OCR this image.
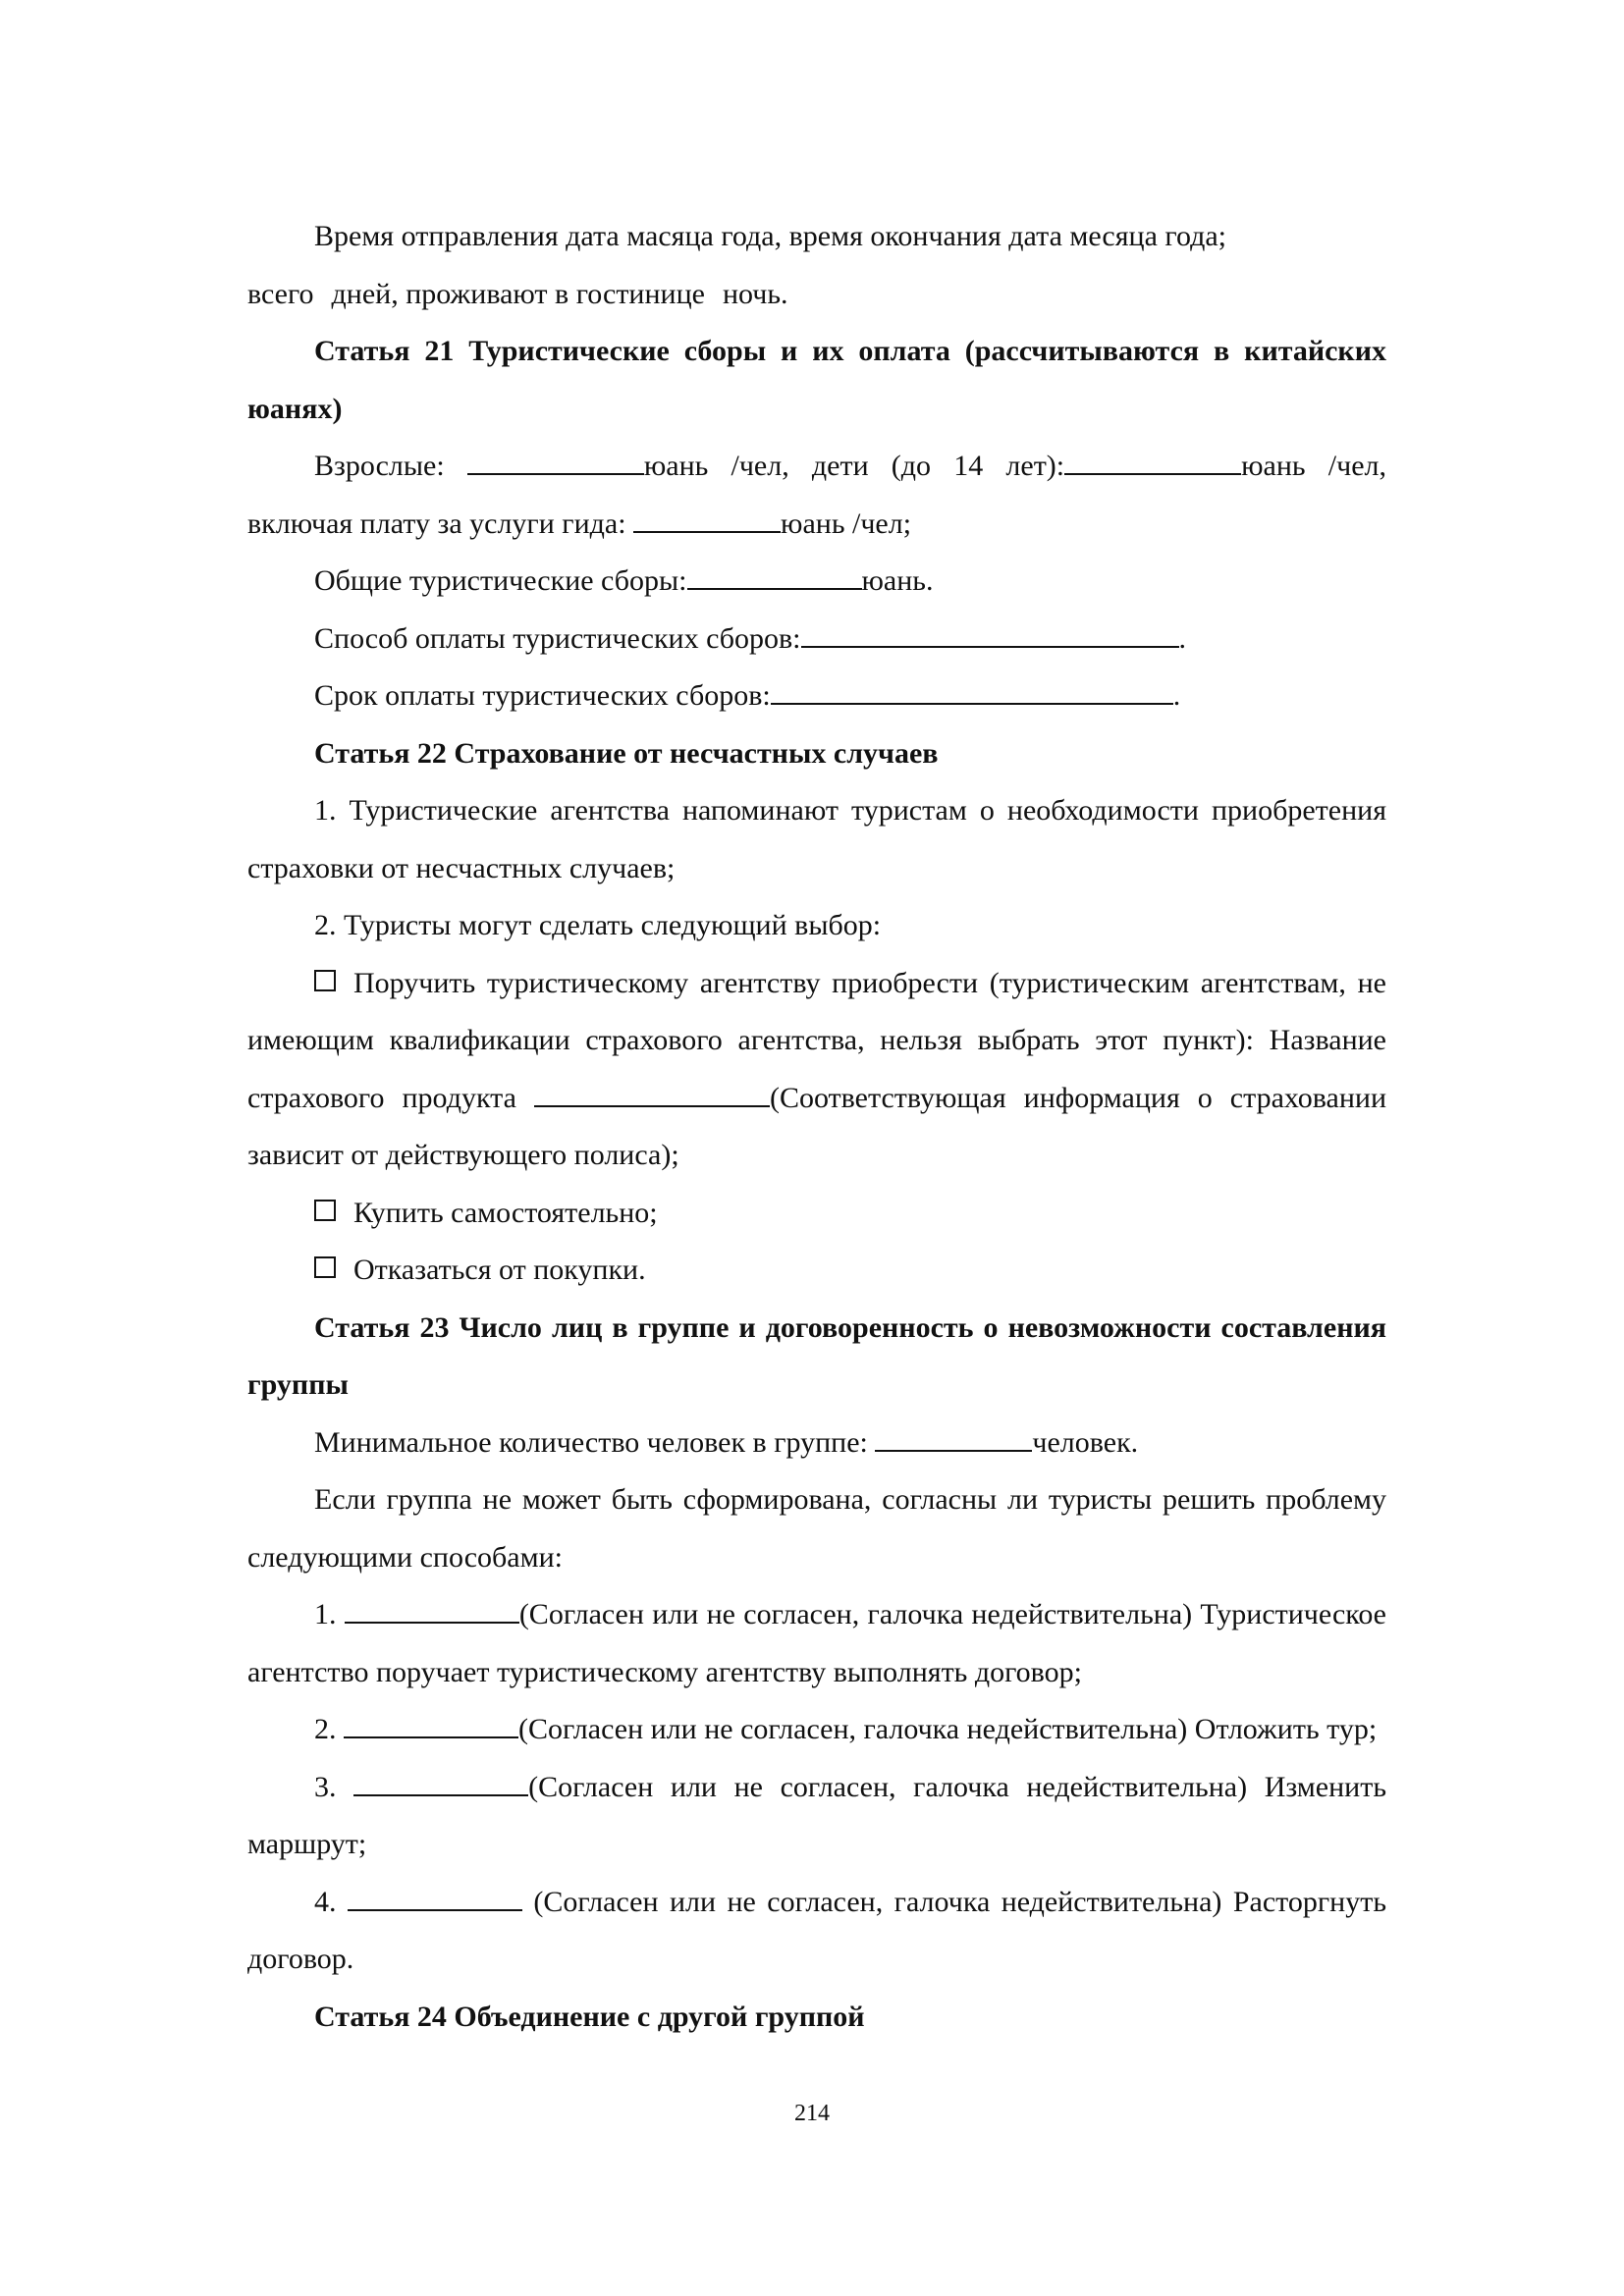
Время отправления дата масяца года, время окончания дата месяца года;
всего дней, проживают в гостинице ночь.

Статья 21 Туристические сборы и их оплата (рассчитываются в китайских юанях)

Взрослые:	юань /чел, дети (до 14 лет):	юань /чел, включая плату за услуги гида:	юань /чел;

Общие туристические сборы:	юань.

Способ оплаты туристических сборов:	.

Срок оплаты туристических сборов:	.

Статья 22 Страхование от несчастных случаев

1. Туристические агентства напоминают туристам о необходимости приобретения страховки от несчастных случаев;

2. Туристы могут сделать следующий выбор:

Поручить туристическому агентству приобрести (туристическим агентствам, не имеющим квалификации страхового агентства, нельзя выбрать этот пункт): Название страхового продукта	(Соответствующая информация о страховании зависит от действующего полиса);

Купить самостоятельно;

Отказаться от покупки.

Статья 23 Число лиц в группе и договоренность о невозможности составления группы

Минимальное количество человек в группе:	человек.

Если группа не может быть сформирована, согласны ли туристы решить проблему следующими способами:

1.	(Согласен или не согласен, галочка недействительна) Туристическое агентство поручает туристическому агентству выполнять договор;

2.	(Согласен или не согласен, галочка недействительна) Отложить тур;

3.	(Согласен или не согласен, галочка недействительна) Изменить маршрут;

4.	(Согласен или не согласен, галочка недействительна) Расторгнуть договор.

Статья 24 Объединение с другой группой

214
